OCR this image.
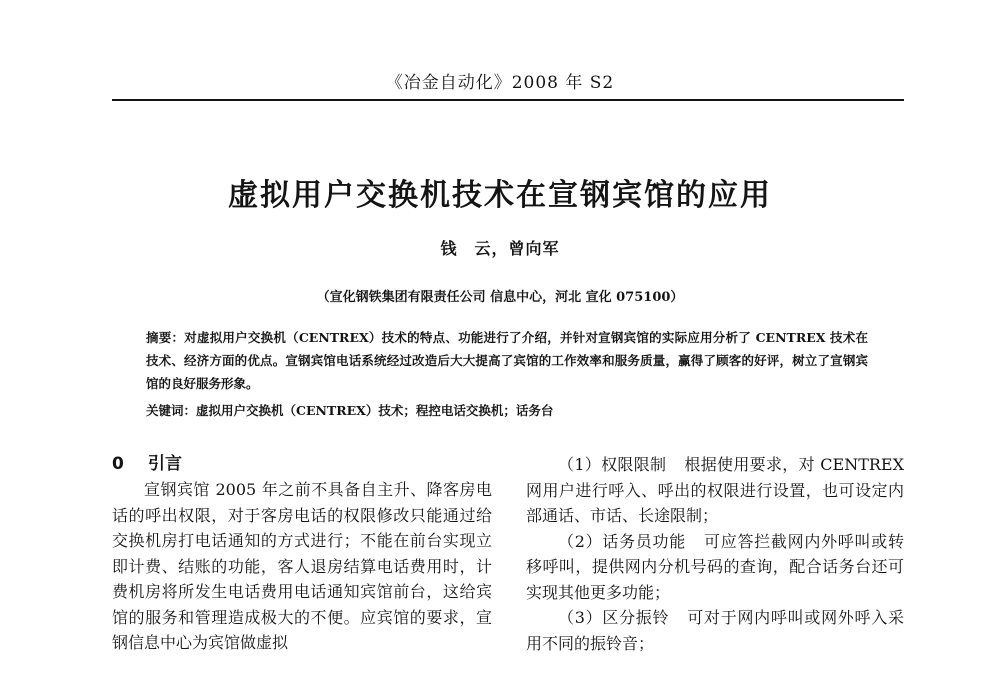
《冶金自动化》2008 年 S2
虚拟用户交换机技术在宣钢宾馆的应用
钱　云，曾向军
（宣化钢铁集团有限责任公司 信息中心，河北 宣化 075100）
摘要：对虚拟用户交换机（CENTREX）技术的特点、功能进行了介绍，并针对宣钢宾馆的实际应用分析了 CENTREX 技术在技术、经济方面的优点。宣钢宾馆电话系统经过改造后大大提高了宾馆的工作效率和服务质量，赢得了顾客的好评，树立了宣钢宾馆的良好服务形象。
关键词：虚拟用户交换机（CENTREX）技术；程控电话交换机；话务台
0 引言

宣钢宾馆 2005 年之前不具备自主升、降客房电话的呼出权限，对于客房电话的权限修改只能通过给交换机房打电话通知的方式进行；不能在前台实现立即计费、结账的功能，客人退房结算电话费用时，计费机房将所发生电话费用电话通知宾馆前台，这给宾馆的服务和管理造成极大的不便。应宾馆的要求，宣钢信息中心为宾馆做虚拟

（1）权限限制 根据使用要求，对 CENTREX 网用户进行呼入、呼出的权限进行设置，也可设定内部通话、市话、长途限制；

（2）话务员功能 可应答拦截网内外呼叫或转移呼叫，提供网内分机号码的查询，配合话务台还可实现其他更多功能；

（3）区分振铃 可对于网内呼叫或网外呼入采用不同的振铃音；
